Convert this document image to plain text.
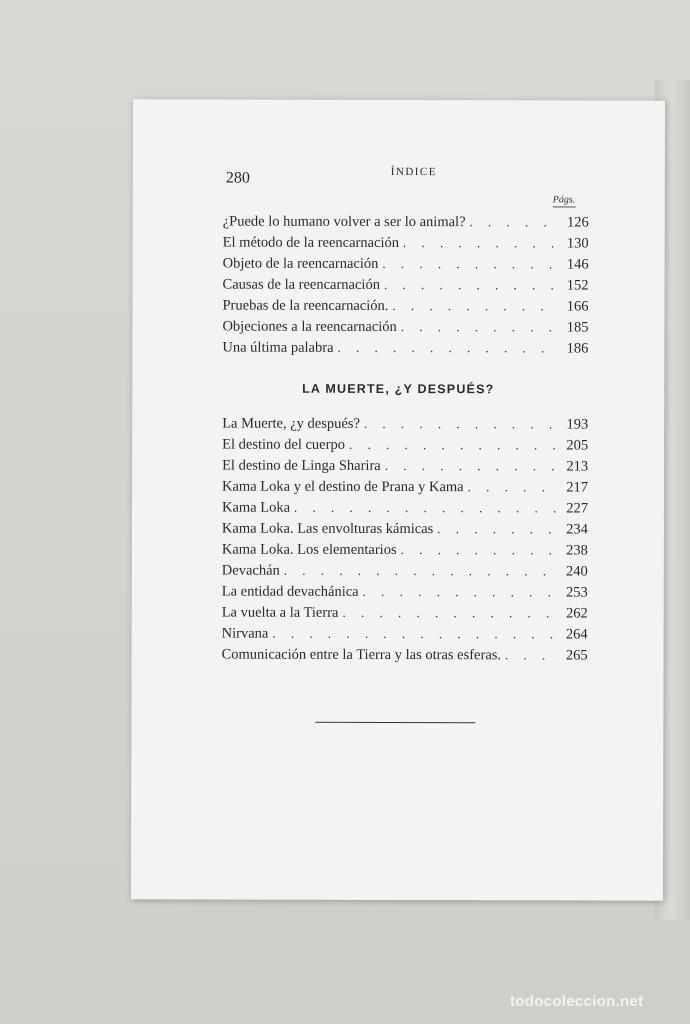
280	ÍNDICE
Págs.
¿Puede lo humano volver a ser lo animal? . . .	126
El método de la reencarnación . . .	130
Objeto de la reencarnación . . .	146
Causas de la reencarnación . . .	152
Pruebas de la reencarnación. . . .	166
Objeciones a la reencarnación . . .	185
Una última palabra . . .	186
LA MUERTE, ¿Y DESPUÉS?
La Muerte, ¿y después? . . .	193
El destino del cuerpo . . .	205
El destino de Linga Sharira . . .	213
Kama Loka y el destino de Prana y Kama . . .	217
Kama Loka . . .	227
Kama Loka. Las envolturas kámicas . . .	234
Kama Loka. Los elementarios . . .	238
Devachán . . .	240
La entidad devachánica . . .	253
La vuelta a la Tierra . . .	262
Nirvana . . .	264
Comunicación entre la Tierra y las otras esferas. . . .	265
todocoleccion.net
